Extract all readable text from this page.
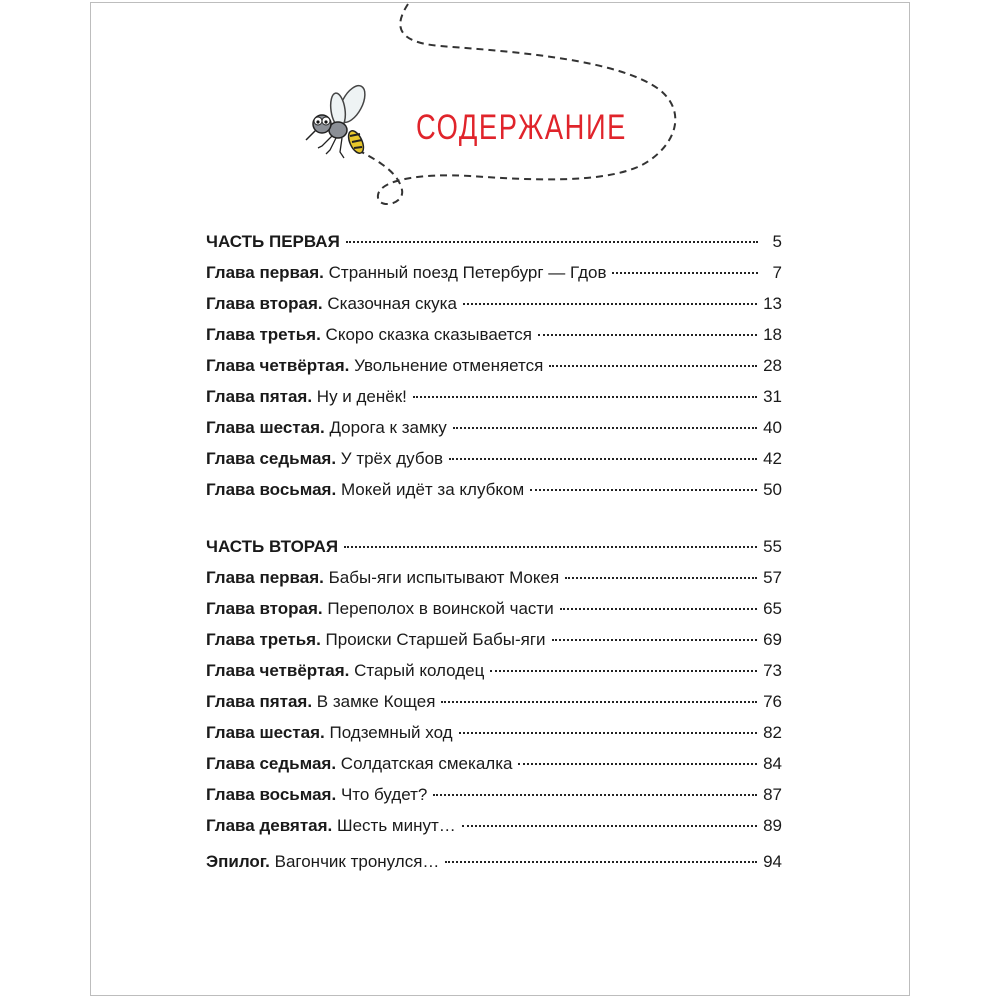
СОДЕРЖАНИЕ
ЧАСТЬ ПЕРВАЯ	5
Глава первая. Странный поезд Петербург — Гдов	7
Глава вторая. Сказочная скука	13
Глава третья. Скоро сказка сказывается	18
Глава четвёртая. Увольнение отменяется	28
Глава пятая. Ну и денёк!	31
Глава шестая. Дорога к замку	40
Глава седьмая. У трёх дубов	42
Глава восьмая. Мокей идёт за клубком	50
ЧАСТЬ ВТОРАЯ	55
Глава первая. Бабы-яги испытывают Мокея	57
Глава вторая. Переполох в воинской части	65
Глава третья. Происки Старшей Бабы-яги	69
Глава четвёртая. Старый колодец	73
Глава пятая. В замке Кощея	76
Глава шестая. Подземный ход	82
Глава седьмая. Солдатская смекалка	84
Глава восьмая. Что будет?	87
Глава девятая. Шесть минут…	89
Эпилог. Вагончик тронулся…	94
